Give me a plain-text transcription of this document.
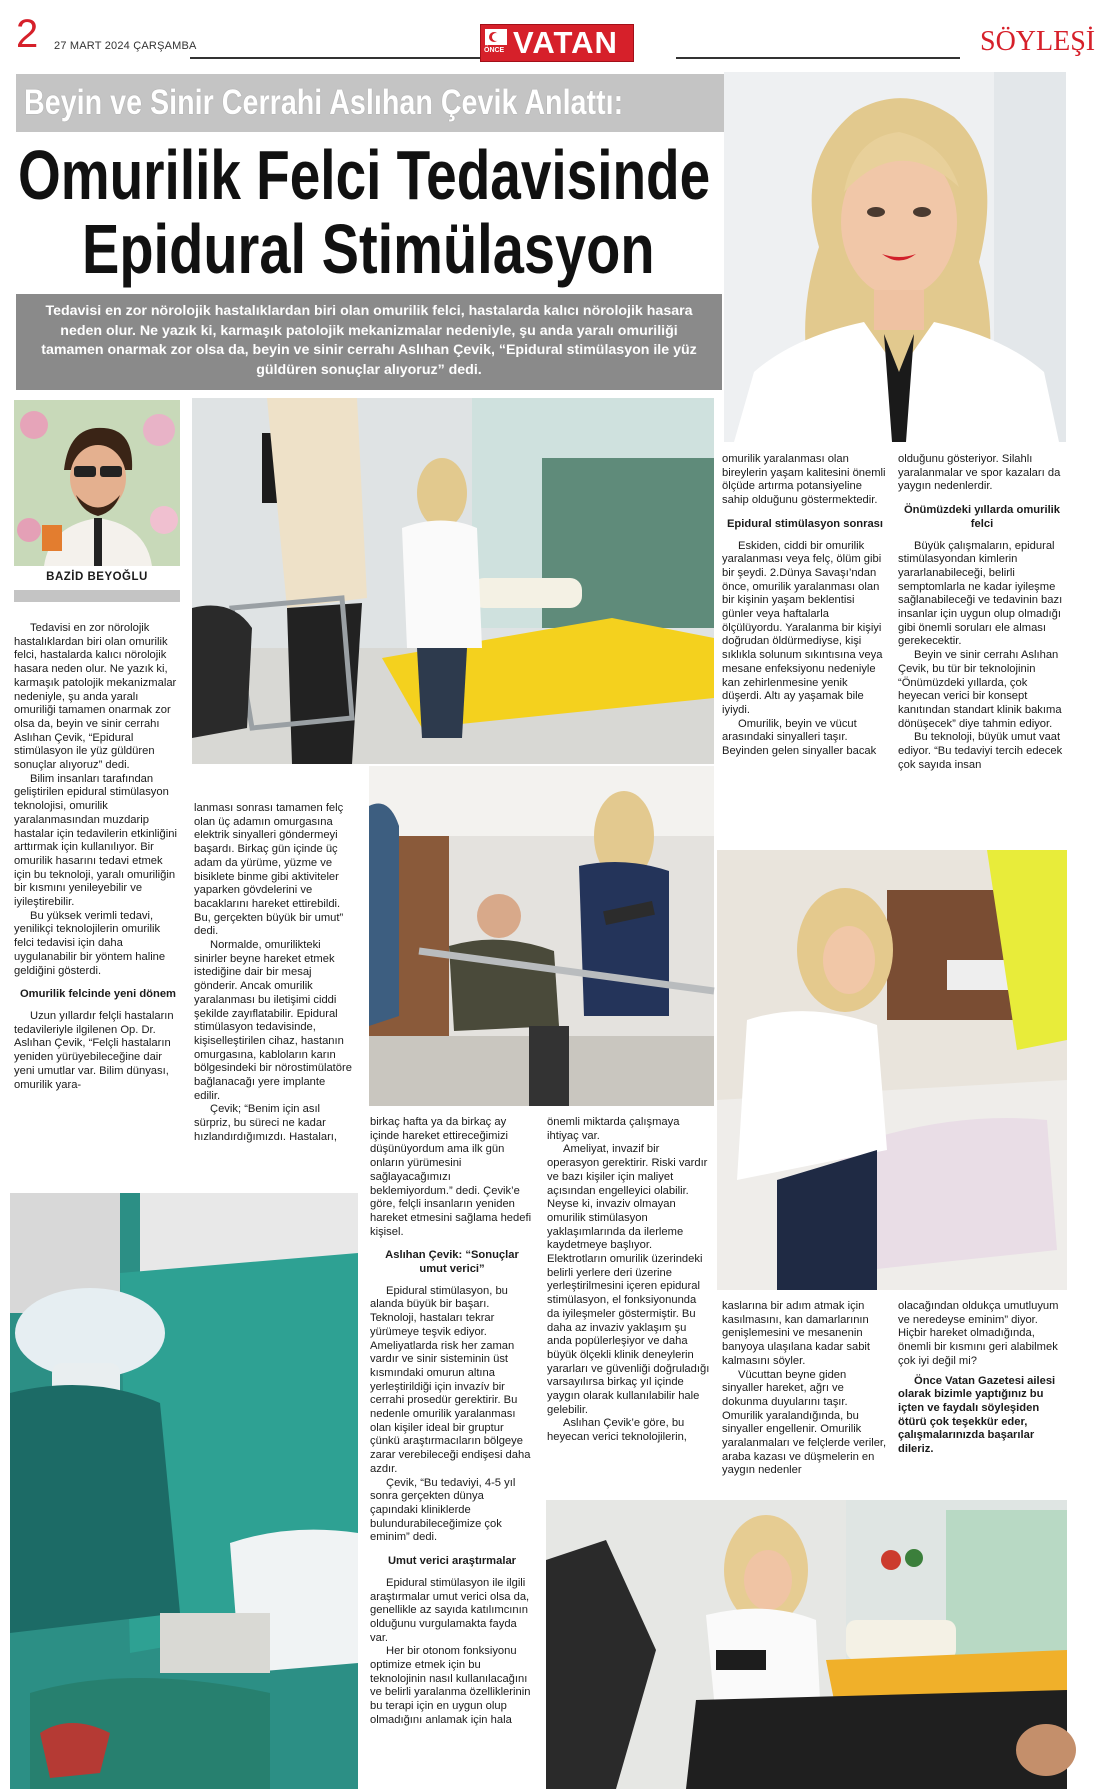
2 27 MART 2024 ÇARŞAMBA	ÖNCE VATAN	SÖYLEŞİ
Beyin ve Sinir Cerrahi Aslıhan Çevik Anlattı:
Omurilik Felci Tedavisinde
Epidural Stimülasyon
Tedavisi en zor nörolojik hastalıklardan biri olan omurilik felci, hastalarda kalıcı nörolojik hasara neden olur. Ne yazık ki, karmaşık patolojik mekanizmalar nedeniyle, şu anda yaralı omuriliği tamamen onarmak zor olsa da, beyin ve sinir cerrahı Aslıhan Çevik, “Epidural stimülasyon ile yüz güldüren sonuçlar alıyoruz” dedi.
BAZİD BEYOĞLU

Tedavisi en zor nörolojik hastalıklardan biri olan omurilik felci, hastalarda kalıcı nörolojik hasara neden olur. Ne yazık ki, karmaşık patolojik mekanizmalar nedeniyle, şu anda yaralı omuriliği tamamen onarmak zor olsa da, beyin ve sinir cerrahı Aslıhan Çevik, “Epidural stimülasyon ile yüz güldüren sonuçlar alıyoruz” dedi.

Bilim insanları tarafından geliştirilen epidural stimülasyon teknolojisi, omurilik yaralanmasından muzdarip hastalar için tedavilerin etkinliğini arttırmak için kullanılıyor. Bir omurilik hasarını tedavi etmek için bu teknoloji, yaralı omuriliğin bir kısmını yenileyebilir ve iyileştirebilir.

Bu yüksek verimli tedavi, yenilikçi teknolojilerin omurilik felci tedavisi için daha uygulanabilir bir yöntem haline geldiğini gösterdi.

Omurilik felcinde yeni dönem

Uzun yıllardır felçli hastaların tedavileriyle ilgilenen Op. Dr. Aslıhan Çevik, “Felçli hastaların yeniden yürüyebileceğine dair yeni umutlar var. Bilim dünyası, omurilik yara-

lanması sonrası tamamen felç olan üç adamın omurgasına elektrik sinyalleri göndermeyi başardı. Birkaç gün içinde üç adam da yürüme, yüzme ve bisiklete binme gibi aktiviteler yaparken gövdelerini ve bacaklarını hareket ettirebildi. Bu, gerçekten büyük bir umut” dedi.

Normalde, omurilikteki sinirler beyne hareket etmek istediğine dair bir mesaj gönderir. Ancak omurilik yaralanması bu iletişimi ciddi şekilde zayıflatabilir. Epidural stimülasyon tedavisinde, kişiselleştirilen cihaz, hastanın omurgasına, kabloların karın bölgesindeki bir nörostimülatöre bağlanacağı yere implante edilir.

Çevik; “Benim için asıl sürpriz, bu süreci ne kadar hızlandırdığımızdı. Hastaları,

birkaç hafta ya da birkaç ay içinde hareket ettireceğimizi düşünüyordum ama ilk gün onların yürümesini sağlayacağımızı beklemiyordum.” dedi. Çevik’e göre, felçli insanların yeniden hareket etmesini sağlama hedefi kişisel.

Aslıhan Çevik: “Sonuçlar umut verici”

Epidural stimülasyon, bu alanda büyük bir başarı. Teknoloji, hastaları tekrar yürümeye teşvik ediyor. Ameliyatlarda risk her zaman vardır ve sinir sisteminin üst kısmındaki omurun altına yerleştirildiği için invazív bir cerrahi prosedür gerektirir. Bu nedenle omurilik yaralanması olan kişiler ideal bir gruptur çünkü araştırmacıların bölgeye zarar verebileceği endişesi daha azdır.

Çevik, “Bu tedaviyi, 4-5 yıl sonra gerçekten dünya çapındaki kliniklerde bulundurabileceğimize çok eminim” dedi.

Umut verici araştırmalar

Epidural stimülasyon ile ilgili araştırmalar umut verici olsa da, genellikle az sayıda katılımcının olduğunu vurgulamakta fayda var.

Her bir otonom fonksiyonu optimize etmek için bu teknolojinin nasıl kullanılacağını ve belirli yaralanma özelliklerinin bu terapi için en uygun olup olmadığını anlamak için hala

önemli miktarda çalışmaya ihtiyaç var.

Ameliyat, invazif bir operasyon gerektirir. Riski vardır ve bazı kişiler için maliyet açısından engelleyici olabilir. Neyse ki, invaziv olmayan omurilik stimülasyon yaklaşımlarında da ilerleme kaydetmeye başlıyor. Elektrotların omurilik üzerindeki belirli yerlere deri üzerine yerleştirilmesini içeren epidural stimülasyon, el fonksiyonunda da iyileşmeler göstermiştir. Bu daha az invaziv yaklaşım şu anda popülerleşiyor ve daha büyük ölçekli klinik deneylerin yararları ve güvenliği doğruladığı varsayılırsa birkaç yıl içinde yaygın olarak kullanılabilir hale gelebilir.

Aslıhan Çevik’e göre, bu heyecan verici teknolojilerin,

omurilik yaralanması olan bireylerin yaşam kalitesini önemli ölçüde artırma potansiyeline sahip olduğunu göstermektedir.

Epidural stimülasyon sonrası

Eskiden, ciddi bir omurilik yaralanması veya felç, ölüm gibi bir şeydi. 2.Dünya Savaşı’ndan önce, omurilik yaralanması olan bir kişinin yaşam beklentisi günler veya haftalarla ölçülüyordu. Yaralanma bir kişiyi doğrudan öldürmediyse, kişi sıklıkla solunum sıkıntısına veya mesane enfeksiyonu nedeniyle kan zehirlenmesine yenik düşerdi. Altı ay yaşamak bile iyiydi.

Omurilik, beyin ve vücut arasındaki sinyalleri taşır. Beyinden gelen sinyaller bacak

olduğunu gösteriyor. Silahlı yaralanmalar ve spor kazaları da yaygın nedenlerdir.

Önümüzdeki yıllarda omurilik felci

Büyük çalışmaların, epidural stimülasyondan kimlerin yararlanabileceği, belirli semptomlarla ne kadar iyileşme sağlanabileceği ve tedavinin bazı insanlar için uygun olup olmadığı gibi önemli soruları ele alması gerekecektir.

Beyin ve sinir cerrahı Aslıhan Çevik, bu tür bir teknolojinin “Önümüzdeki yıllarda, çok heyecan verici bir konsept kanıtından standart klinik bakıma dönüşecek” diye tahmin ediyor.

Bu teknoloji, büyük umut vaat ediyor. “Bu tedaviyi tercih edecek çok sayıda insan

kaslarına bir adım atmak için kasılmasını, kan damarlarının genişlemesini ve mesanenin banyoya ulaşılana kadar sabit kalmasını söyler.

Vücuttan beyne giden sinyaller hareket, ağrı ve dokunma duyularını taşır. Omurilik yaralandığında, bu sinyaller engellenir. Omurilik yaralanmaları ve felçlerde veriler, araba kazası ve düşmelerin en yaygın nedenler

olacağından oldukça umutluyum ve neredeyse eminim” diyor. Hiçbir hareket olmadığında, önemli bir kısmını geri alabilmek çok iyi değil mi?

Önce Vatan Gazetesi ailesi olarak bizimle yaptığınız bu içten ve faydalı söyleşiden ötürü çok teşekkür eder, çalışmalarınızda başarılar dileriz.
